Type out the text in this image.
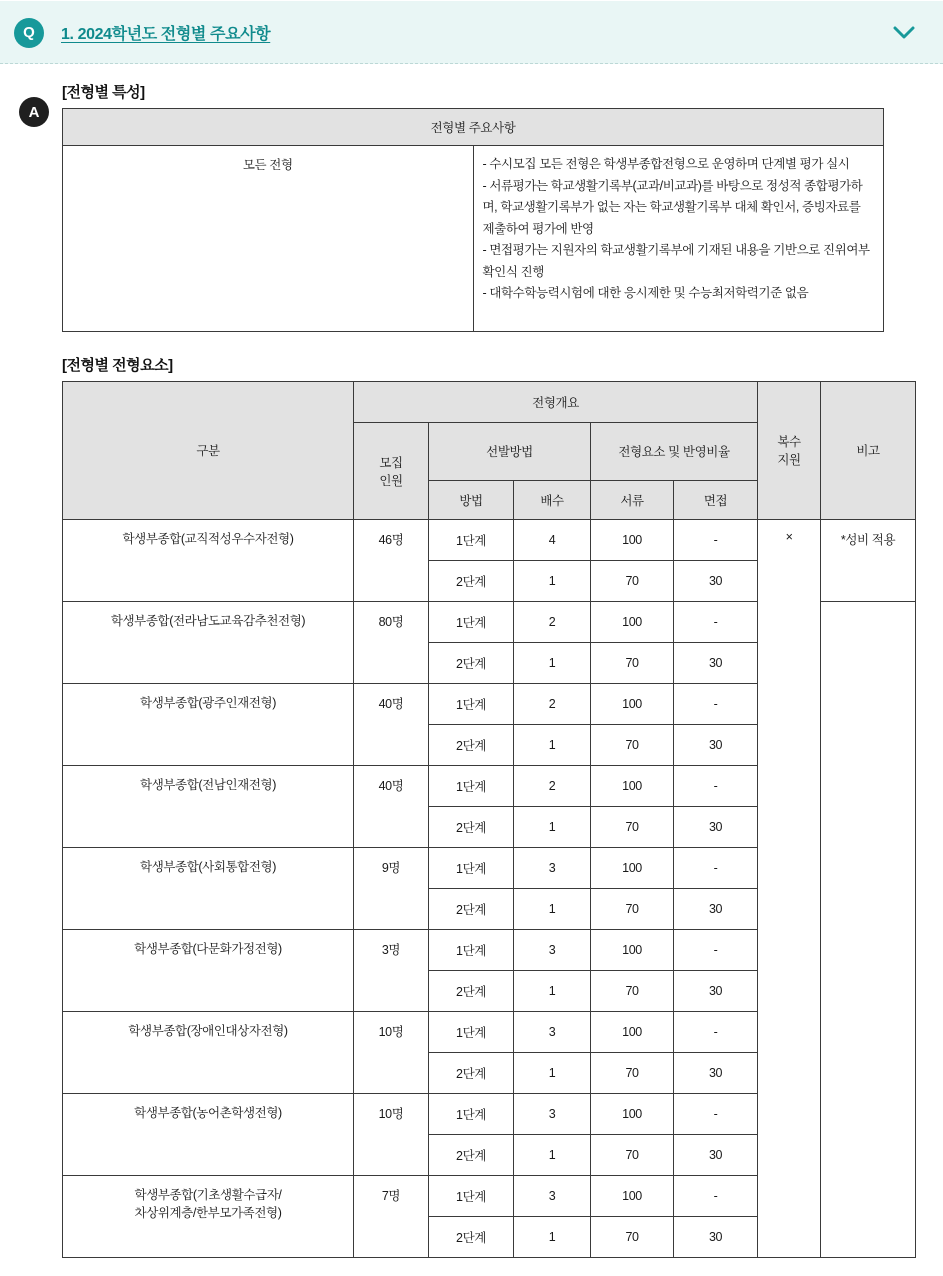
Q	1. 2024학년도 전형별 주요사항
A
[전형별 특성]
전형별 주요사항
모든 전형	- 수시모집 모든 전형은 학생부종합전형으로 운영하며 단계별 평가 실시
- 서류평가는 학교생활기록부(교과/비교과)를 바탕으로 정성적 종합평가하며, 학교생활기록부가 없는 자는 학교생활기록부 대체 확인서, 증빙자료를 제출하여 평가에 반영
- 면접평가는 지원자의 학교생활기록부에 기재된 내용을 기반으로 진위여부 확인식 진행
- 대학수학능력시험에 대한 응시제한 및 수능최저학력기준 없음
[전형별 전형요소]
구분	전형개요					복수
지원	비고

	모집
인원	선발방법		전형요소 및 반영비율			
		방법	배수	서류	면접		

학생부종합(교직적성우수자전형)	46명	1단계	4	100	-	×	*성비 적용
		2단계	1	70	30		

학생부종합(전라남도교육감추천전형)	80명	1단계	2	100	-		
		2단계	1	70	30		

학생부종합(광주인재전형)	40명	1단계	2	100	-		
		2단계	1	70	30		

학생부종합(전남인재전형)	40명	1단계	2	100	-		
		2단계	1	70	30		

학생부종합(사회통합전형)	9명	1단계	3	100	-		
		2단계	1	70	30		

학생부종합(다문화가정전형)	3명	1단계	3	100	-		
		2단계	1	70	30		

학생부종합(장애인대상자전형)	10명	1단계	3	100	-		
		2단계	1	70	30		

학생부종합(농어촌학생전형)	10명	1단계	3	100	-		
		2단계	1	70	30		

학생부종합(기초생활수급자/
차상위계층/한부모가족전형)	7명	1단계	3	100	-		
		2단계	1	70	30		
